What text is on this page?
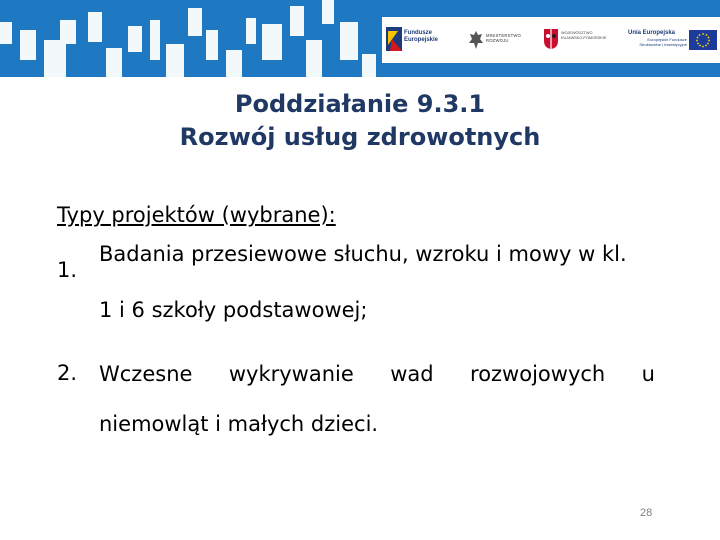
Fundusze
Europejskie
MINISTERSTWO
ROZWOJU
WOJEWÓDZTWO
KUJAWSKO-POMORSKIE
Unia Europejska
Europejskie Fundusze
Strukturalne i Inwestycyjne
Poddziałanie 9.3.1
Rozwój usług zdrowotnych
Typy projektów (wybrane):
1.
Badania przesiewowe słuchu, wzroku i mowy w kl.
1 i 6 szkoły podstawowej;
2.	Wczesne wykrywanie wad rozwojowych u
niemowląt i małych dzieci.
28
